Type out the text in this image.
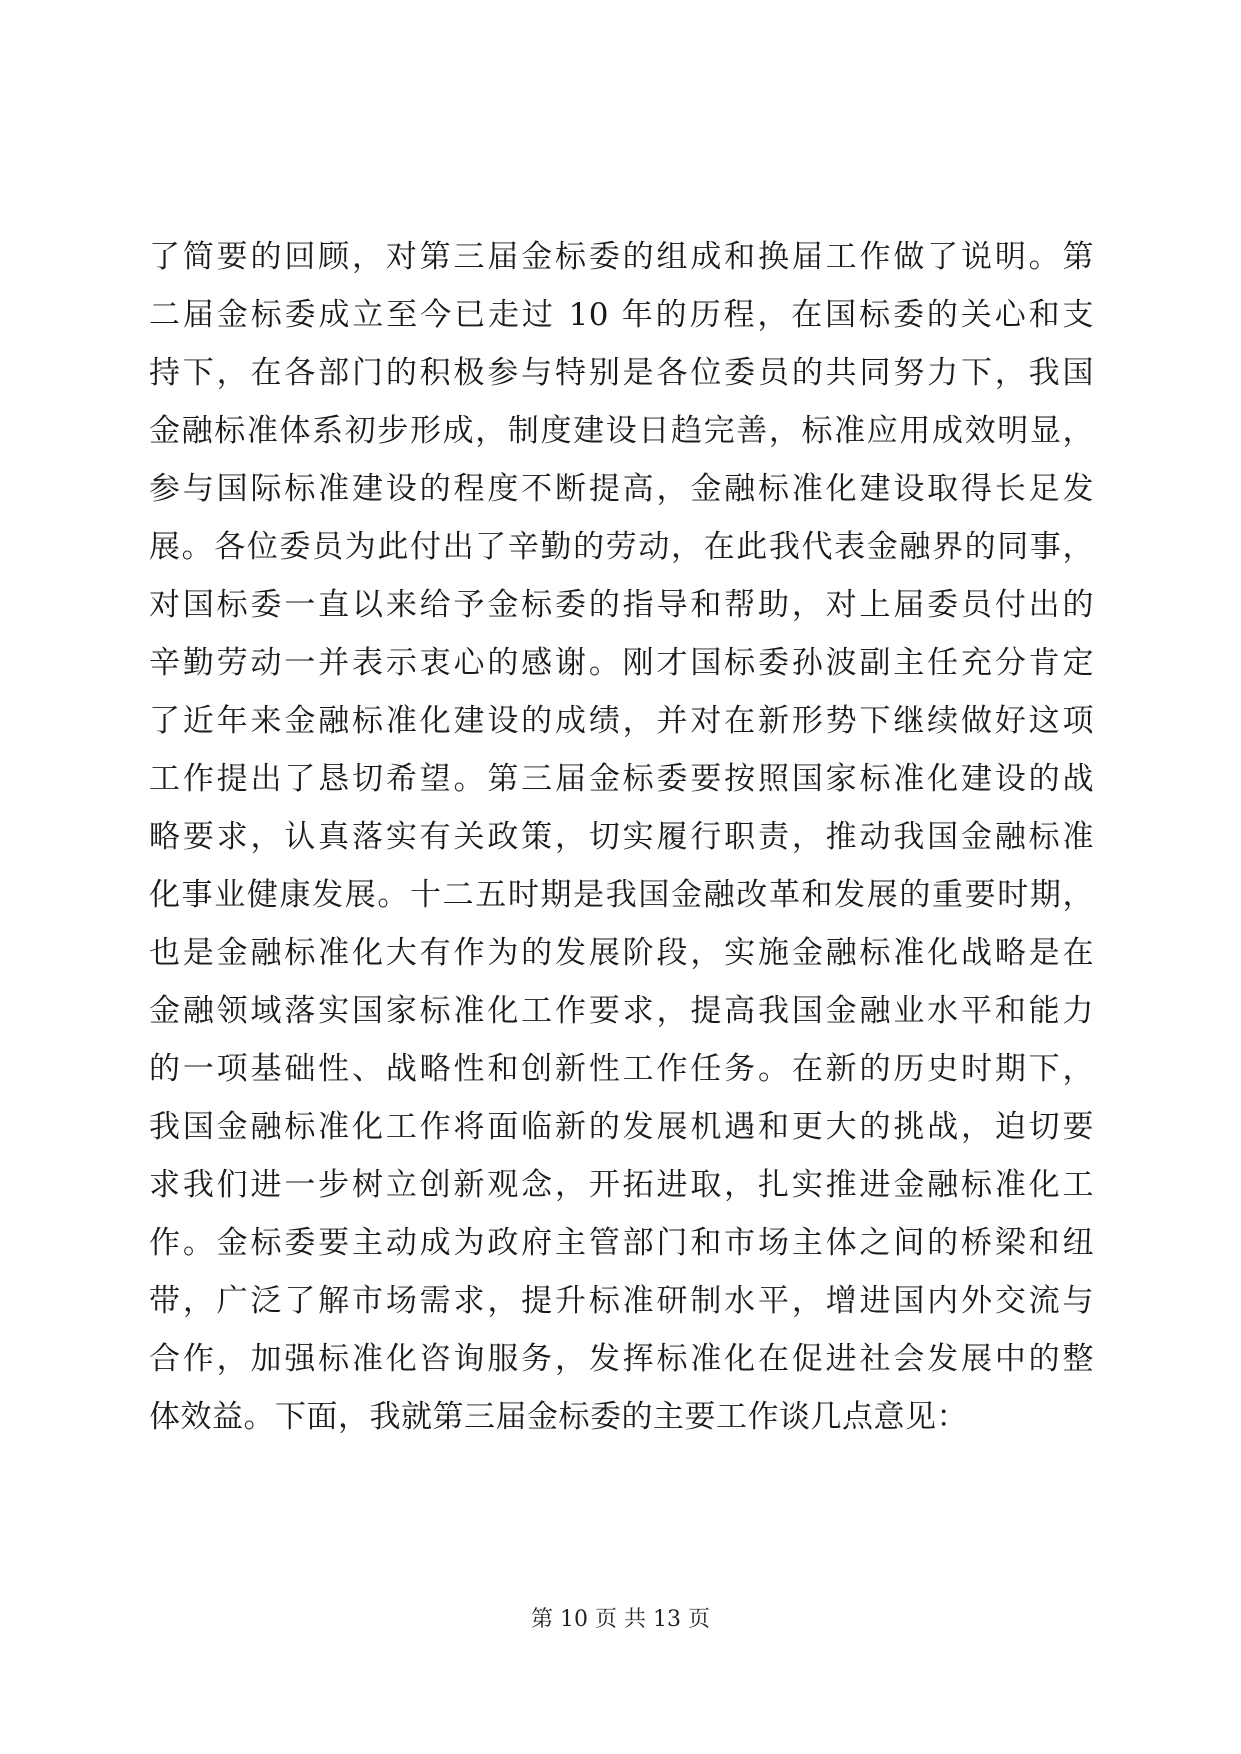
了简要的回顾，对第三届金标委的组成和换届工作做了说明。第
二届金标委成立至今已走过 10 年的历程，在国标委的关心和支
持下，在各部门的积极参与特别是各位委员的共同努力下，我国
金融标准体系初步形成，制度建设日趋完善，标准应用成效明显，
参与国际标准建设的程度不断提高，金融标准化建设取得长足发
展。各位委员为此付出了辛勤的劳动，在此我代表金融界的同事，
对国标委一直以来给予金标委的指导和帮助，对上届委员付出的
辛勤劳动一并表示衷心的感谢。刚才国标委孙波副主任充分肯定
了近年来金融标准化建设的成绩，并对在新形势下继续做好这项
工作提出了恳切希望。第三届金标委要按照国家标准化建设的战
略要求，认真落实有关政策，切实履行职责，推动我国金融标准
化事业健康发展。十二五时期是我国金融改革和发展的重要时期，
也是金融标准化大有作为的发展阶段，实施金融标准化战略是在
金融领域落实国家标准化工作要求，提高我国金融业水平和能力
的一项基础性、战略性和创新性工作任务。在新的历史时期下，
我国金融标准化工作将面临新的发展机遇和更大的挑战，迫切要
求我们进一步树立创新观念，开拓进取，扎实推进金融标准化工
作。金标委要主动成为政府主管部门和市场主体之间的桥梁和纽
带，广泛了解市场需求，提升标准研制水平，增进国内外交流与
合作，加强标准化咨询服务，发挥标准化在促进社会发展中的整
体效益。下面，我就第三届金标委的主要工作谈几点意见：
第 10 页 共 13 页
